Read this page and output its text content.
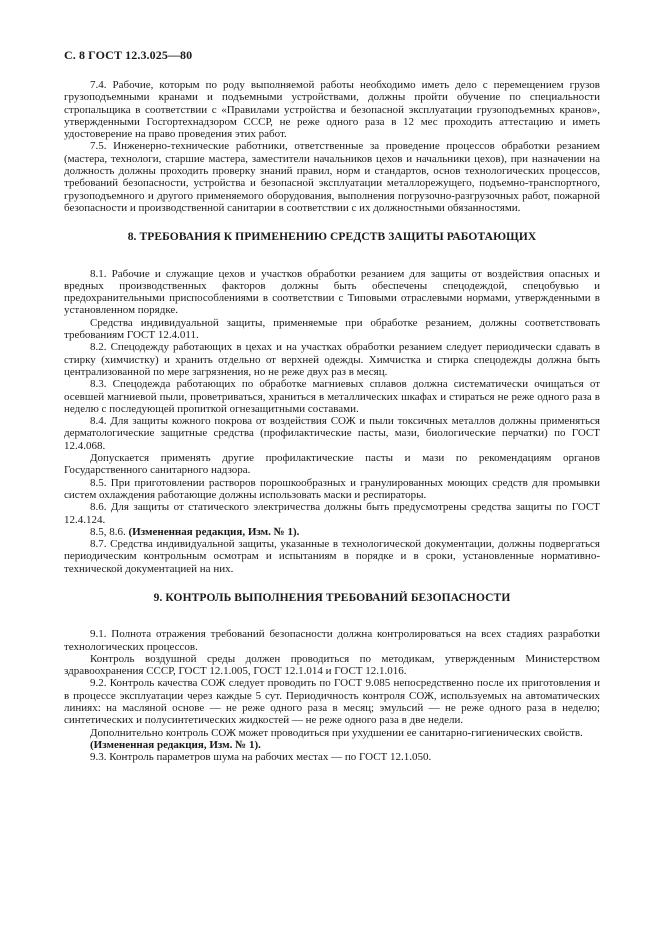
С. 8 ГОСТ 12.3.025—80
7.4. Рабочие, которым по роду выполняемой работы необходимо иметь дело с перемещением грузов грузоподъемными кранами и подъемными устройствами, должны пройти обучение по специальности стропальщика в соответствии с «Правилами устройства и безопасной эксплуатации грузоподъемных кранов», утвержденными Госгортехнадзором СССР, не реже одного раза в 12 мес проходить аттестацию и иметь удостоверение на право проведения этих работ.
7.5. Инженерно-технические работники, ответственные за проведение процессов обработки резанием (мастера, технологи, старшие мастера, заместители начальников цехов и начальники цехов), при назначении на должность должны проходить проверку знаний правил, норм и стандартов, основ технологических процессов, требований безопасности, устройства и безопасной эксплуатации металлорежущего, подъемно-транспортного, грузоподъемного и другого применяемого оборудования, выполнения погрузочно-разгрузочных работ, пожарной безопасности и производственной санитарии в соответствии с их должностными обязанностями.
8. ТРЕБОВАНИЯ К ПРИМЕНЕНИЮ СРЕДСТВ ЗАЩИТЫ РАБОТАЮЩИХ
8.1. Рабочие и служащие цехов и участков обработки резанием для защиты от воздействия опасных и вредных производственных факторов должны быть обеспечены спецодеждой, спецобувью и предохранительными приспособлениями в соответствии с Типовыми отраслевыми нормами, утвержденными в установленном порядке.
Средства индивидуальной защиты, применяемые при обработке резанием, должны соответствовать требованиям ГОСТ 12.4.011.
8.2. Спецодежду работающих в цехах и на участках обработки резанием следует периодически сдавать в стирку (химчистку) и хранить отдельно от верхней одежды. Химчистка и стирка спецодежды должна быть централизованной по мере загрязнения, но не реже двух раз в месяц.
8.3. Спецодежда работающих по обработке магниевых сплавов должна систематически очищаться от осевшей магниевой пыли, проветриваться, храниться в металлических шкафах и стираться не реже одного раза в неделю с последующей пропиткой огнезащитными составами.
8.4. Для защиты кожного покрова от воздействия СОЖ и пыли токсичных металлов должны применяться дерматологические защитные средства (профилактические пасты, мази, биологические перчатки) по ГОСТ 12.4.068.
Допускается применять другие профилактические пасты и мази по рекомендациям органов Государственного санитарного надзора.
8.5. При приготовлении растворов порошкообразных и гранулированных моющих средств для промывки систем охлаждения работающие должны использовать маски и респираторы.
8.6. Для защиты от статического электричества должны быть предусмотрены средства защиты по ГОСТ 12.4.124.
8.5, 8.6. (Измененная редакция, Изм. № 1).
8.7. Средства индивидуальной защиты, указанные в технологической документации, должны подвергаться периодическим контрольным осмотрам и испытаниям в порядке и в сроки, установленные нормативно-технической документацией на них.
9. КОНТРОЛЬ ВЫПОЛНЕНИЯ ТРЕБОВАНИЙ БЕЗОПАСНОСТИ
9.1. Полнота отражения требований безопасности должна контролироваться на всех стадиях разработки технологических процессов.
Контроль воздушной среды должен проводиться по методикам, утвержденным Министерством здравоохранения СССР, ГОСТ 12.1.005, ГОСТ 12.1.014 и ГОСТ 12.1.016.
9.2. Контроль качества СОЖ следует проводить по ГОСТ 9.085 непосредственно после их приготовления и в процессе эксплуатации через каждые 5 сут. Периодичность контроля СОЖ, используемых на автоматических линиях: на масляной основе — не реже одного раза в месяц; эмульсий — не реже одного раза в неделю; синтетических и полусинтетических жидкостей — не реже одного раза в две недели.
Дополнительно контроль СОЖ может проводиться при ухудшении ее санитарно-гигиенических свойств.
(Измененная редакция, Изм. № 1).
9.3. Контроль параметров шума на рабочих местах — по ГОСТ 12.1.050.
